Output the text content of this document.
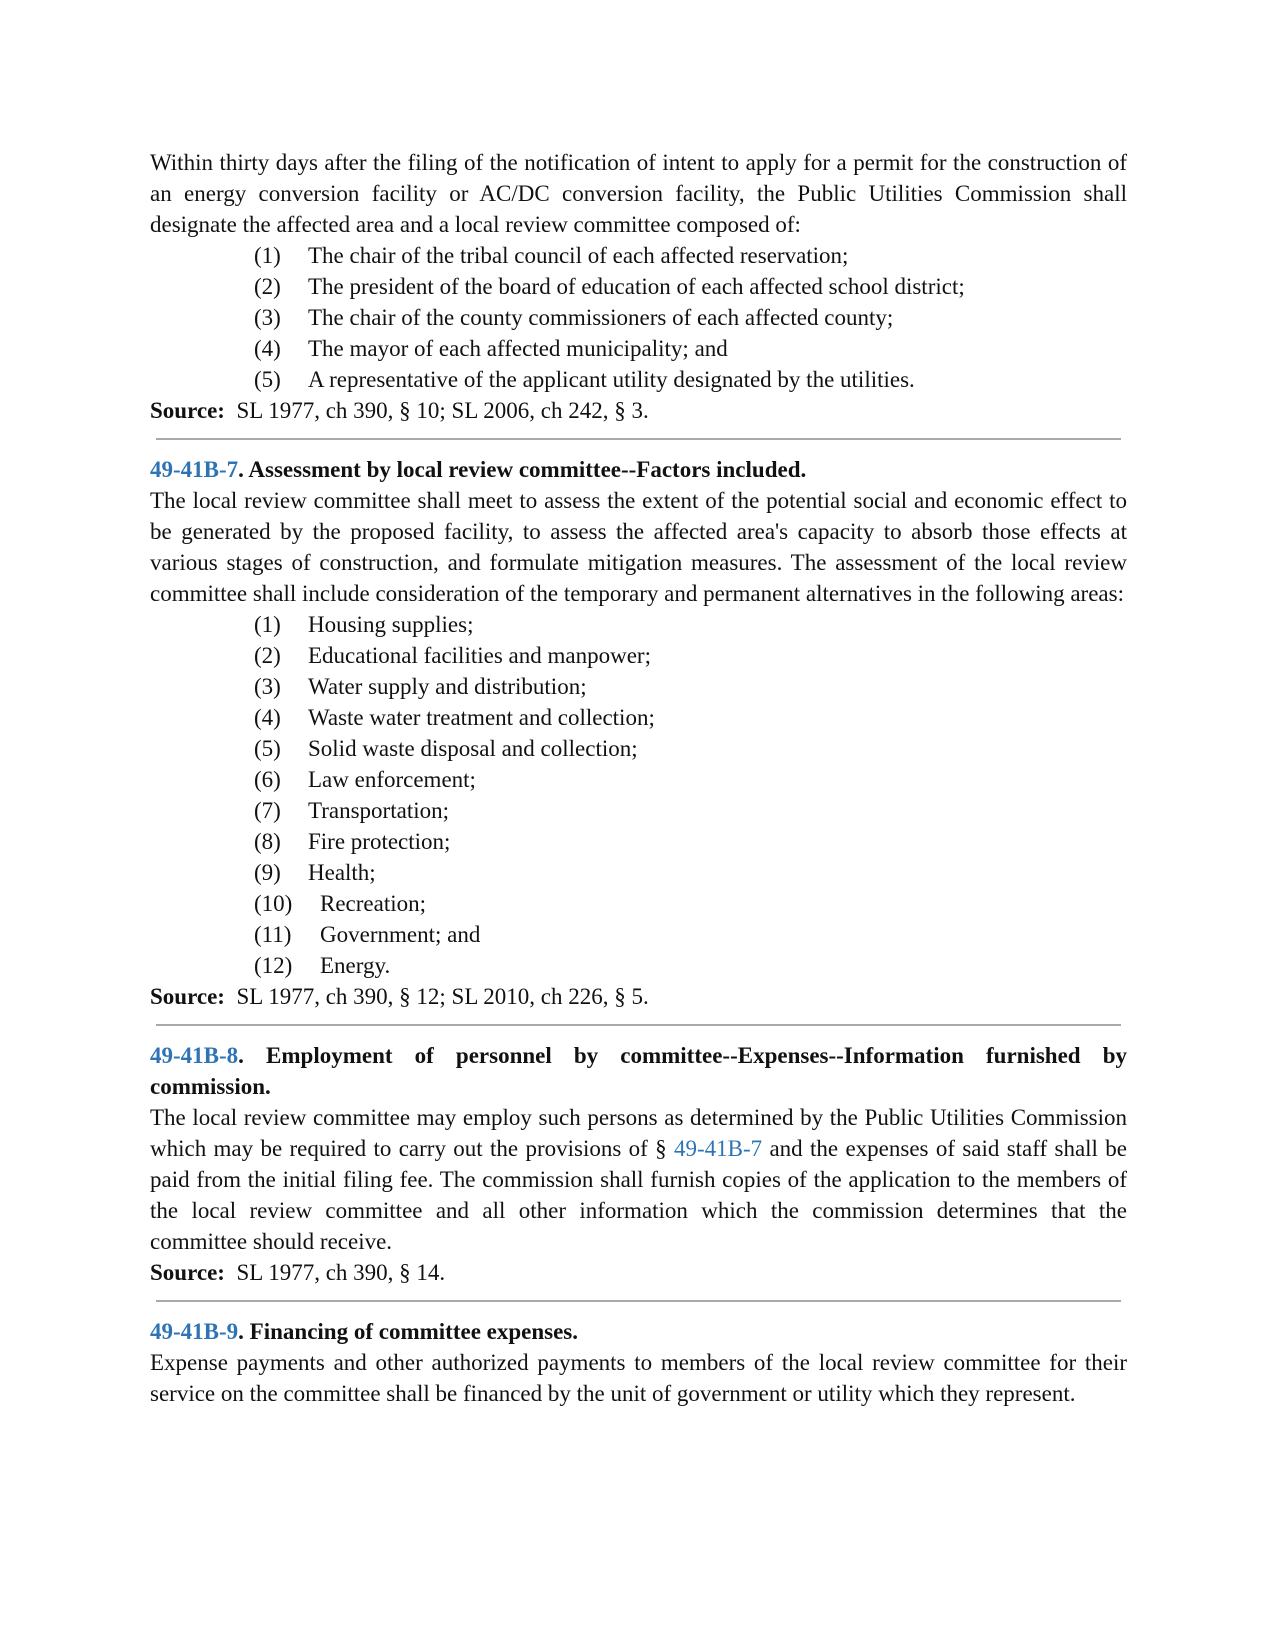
Within thirty days after the filing of the notification of intent to apply for a permit for the construction of an energy conversion facility or AC/DC conversion facility, the Public Utilities Commission shall designate the affected area and a local review committee composed of:

(1)	The chair of the tribal council of each affected reservation;
(2)	The president of the board of education of each affected school district;
(3)	The chair of the county commissioners of each affected county;
(4)	The mayor of each affected municipality; and
(5)	A representative of the applicant utility designated by the utilities.

Source: SL 1977, ch 390, § 10; SL 2006, ch 242, § 3.

49-41B-7. Assessment by local review committee--Factors included.

The local review committee shall meet to assess the extent of the potential social and economic effect to be generated by the proposed facility, to assess the affected area's capacity to absorb those effects at various stages of construction, and formulate mitigation measures. The assessment of the local review committee shall include consideration of the temporary and permanent alternatives in the following areas:

(1)	Housing supplies;
(2)	Educational facilities and manpower;
(3)	Water supply and distribution;
(4)	Waste water treatment and collection;
(5)	Solid waste disposal and collection;
(6)	Law enforcement;
(7)	Transportation;
(8)	Fire protection;
(9)	Health;
(10)	Recreation;
(11)	Government; and
(12)	Energy.

Source: SL 1977, ch 390, § 12; SL 2010, ch 226, § 5.

49-41B-8. Employment of personnel by committee--Expenses--Information furnished by commission.

The local review committee may employ such persons as determined by the Public Utilities Commission which may be required to carry out the provisions of § 49-41B-7 and the expenses of said staff shall be paid from the initial filing fee. The commission shall furnish copies of the application to the members of the local review committee and all other information which the commission determines that the committee should receive.

Source: SL 1977, ch 390, § 14.

49-41B-9. Financing of committee expenses.

Expense payments and other authorized payments to members of the local review committee for their service on the committee shall be financed by the unit of government or utility which they represent.
